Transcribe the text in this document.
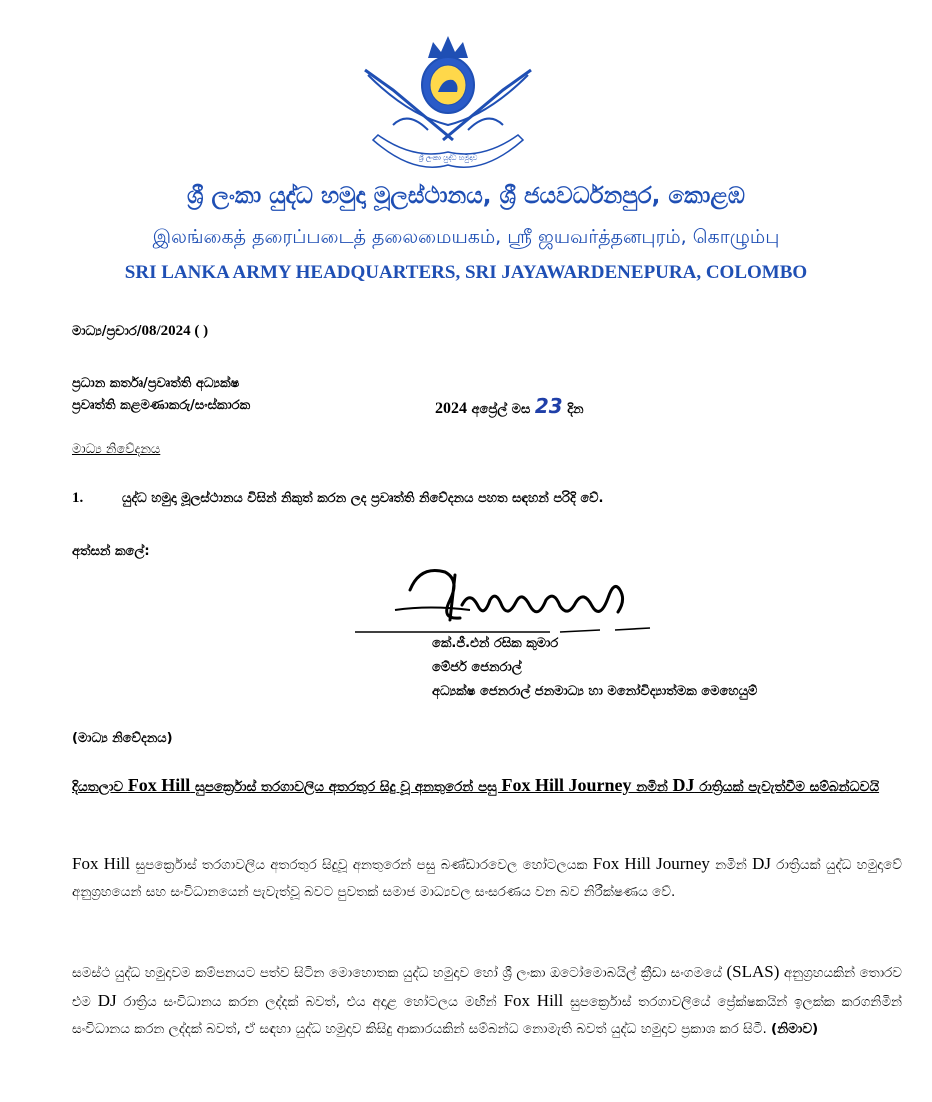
ශ්‍රී ලංකා යුද්ධ හමුදාව
ශ්‍රී ලංකා යුද්ධ හමුදා මූලස්ථානය, ශ්‍රී ජයවර්ධනපුර, කොළඹ
இலங்கைத் தரைப்படைத் தலைமையகம், ஸ்ரீ ஜயவர்த்தனபுரம், கொழும்பு
SRI LANKA ARMY HEADQUARTERS, SRI JAYAWARDENEPURA, COLOMBO
මාධ්‍ය/ප්‍රචාර/08/2024 ( )
ප්‍රධාන කර්තෘ/ප්‍රවෘත්ති අධ්‍යක්ෂ
ප්‍රවෘත්ති කළමණාකරු/සංස්කාරක	2024 අප්‍රේල් මස 23 දින
මාධ්‍ය නිවේදනය
1.	යුද්ධ හමුදා මූලස්ථානය විසින් නිකුත් කරන ලද ප්‍රවෘත්ති නිවේදනය පහත සඳහන් පරිදි වේ.
අත්සන් කලේ:
කේ.ජී.එන් රසික කුමාර
මේජර් ජෙනරාල්
අධ්‍යක්ෂ ජෙනරාල් ජනමාධ්‍ය හා මනෝවිද්‍යාත්මක මෙහෙයුම්
(මාධ්‍ය නිවේදනය)
දියතලාව Fox Hill සුපර්ක්‍රොස් තරගාවලිය අතරතුර සිදු වූ අනතුරෙන් පසු Fox Hill Journey නමින් DJ රාත්‍රියක් පැවැත්වීම සම්බන්ධවයි
Fox Hill සුපර්ක්‍රොස් තරගාවලිය අතරතුර සිදුවූ අනතුරෙන් පසු බණ්ඩාරවෙල හෝටලයක Fox Hill Journey නමින් DJ රාත්‍රියක් යුද්ධ හමුදාවේ අනුග්‍රහයෙන් සහ සංවිධානයෙන් පැවැත්වූ බවට පුවතක් සමාජ මාධ්‍යවල සංසරණය වන බව නිරීක්ෂණය වේ.
සමස්ථ යුද්ධ හමුදාවම කම්පනයට පත්ව සිටින මොහොතක යුද්ධ හමුදාව හෝ ශ්‍රී ලංකා ඔටෝමොබයිල් ක්‍රීඩා සංගමයේ (SLAS) අනුග්‍රහයකින් තොරව එම DJ රාත්‍රිය සංවිධානය කරන ලද්දක් බවත්, එය අදාළ හෝටලය මඟින් Fox Hill සුපර්ක්‍රොස් තරගාවලියේ ප්‍රේක්ෂකයින් ඉලක්ක කරගනිමින් සංවිධානය කරන ලද්දක් බවත්, ඒ සඳහා යුද්ධ හමුදාව කිසිදු ආකාරයකින් සම්බන්ධ නොමැති බවත් යුද්ධ හමුදාව ප්‍රකාශ කර සිටී. (නිමාව)
